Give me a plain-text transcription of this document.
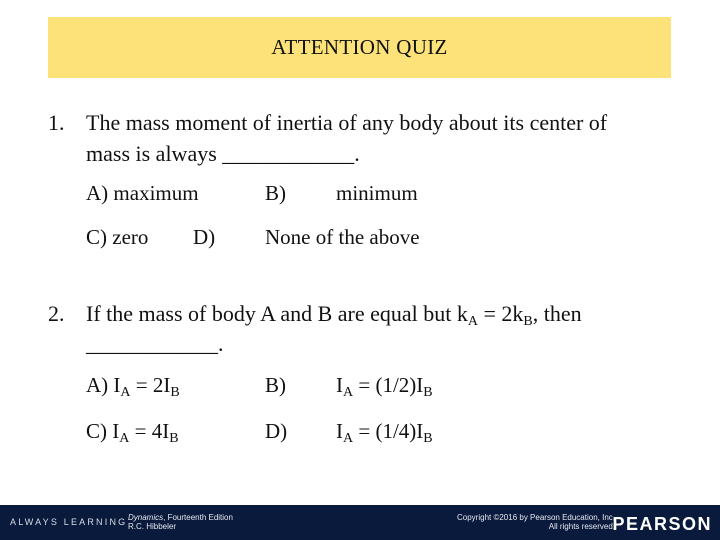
ATTENTION QUIZ
1. The mass moment of inertia of any body about its center of
mass is always ____________.
A) maximum	B) minimum
C) zero D) None of the above
2. If the mass of body A and B are equal but $k_A = 2k_B$, then
____________.
A) $I_A = 2I_B$	B) $I_A = (1/2)I_B$
C) $I_A = 4I_B$	D) $I_A = (1/4)I_B$
ALWAYS LEARNING Dynamics, Fourteenth Edition
R.C. Hibbeler
Copyright ©2016 by Pearson Education, Inc.
All rights reserved.
PEARSON
